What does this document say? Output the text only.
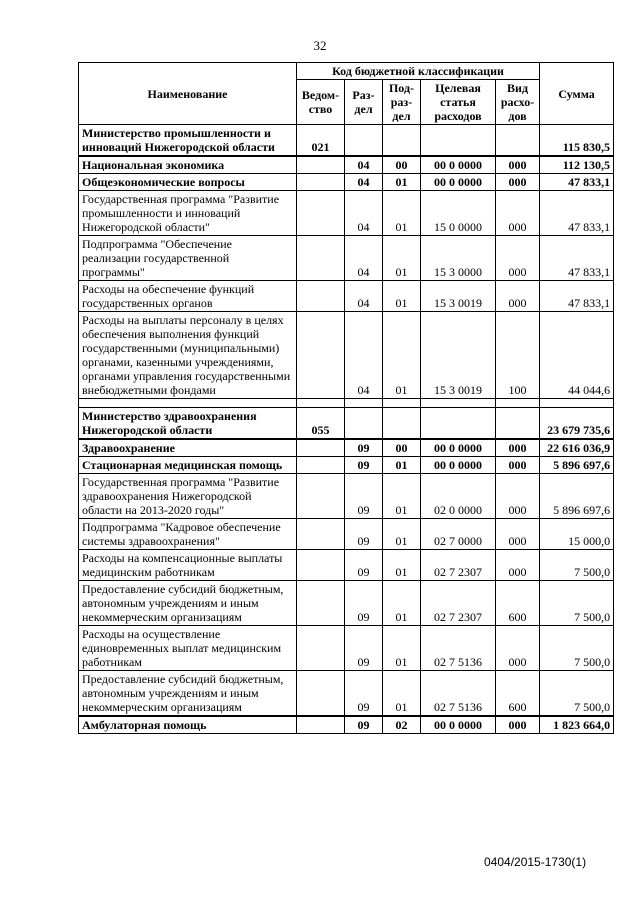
32
Наименование	Код бюджетной классификации					Сумма
	Ведом-ство	Раз-дел	Под-раз-дел	Целевая статья расходов	Вид расхо-дов	
Министерство промышленности и инноваций Нижегородской области	021					115 830,5
Национальная экономика		04	00	00 0 0000	000	112 130,5
Общеэкономические вопросы		04	01	00 0 0000	000	47 833,1
Государственная программа "Развитие промышленности и инноваций Нижегородской области"		04	01	15 0 0000	000	47 833,1
Подпрограмма "Обеспечение реализации государственной программы"		04	01	15 3 0000	000	47 833,1
Расходы на обеспечение функций государственных органов		04	01	15 3 0019	000	47 833,1
Расходы на выплаты персоналу в целях обеспечения выполнения функций государственными (муниципальными) органами, казенными учреждениями, органами управления государственными внебюджетными фондами		04	01	15 3 0019	100	44 044,6

Министерство здравоохранения Нижегородской области	055					23 679 735,6
Здравоохранение		09	00	00 0 0000	000	22 616 036,9
Стационарная медицинская помощь		09	01	00 0 0000	000	5 896 697,6
Государственная программа "Развитие здравоохранения Нижегородской области на 2013-2020 годы"		09	01	02 0 0000	000	5 896 697,6
Подпрограмма "Кадровое обеспечение системы здравоохранения"		09	01	02 7 0000	000	15 000,0
Расходы на компенсационные выплаты медицинским работникам		09	01	02 7 2307	000	7 500,0
Предоставление субсидий бюджетным, автономным учреждениям и иным некоммерческим организациям		09	01	02 7 2307	600	7 500,0
Расходы на осуществление единовременных выплат медицинским работникам		09	01	02 7 5136	000	7 500,0
Предоставление субсидий бюджетным, автономным учреждениям и иным некоммерческим организациям		09	01	02 7 5136	600	7 500,0
Амбулаторная помощь		09	02	00 0 0000	000	1 823 664,0
0404/2015-1730(1)
